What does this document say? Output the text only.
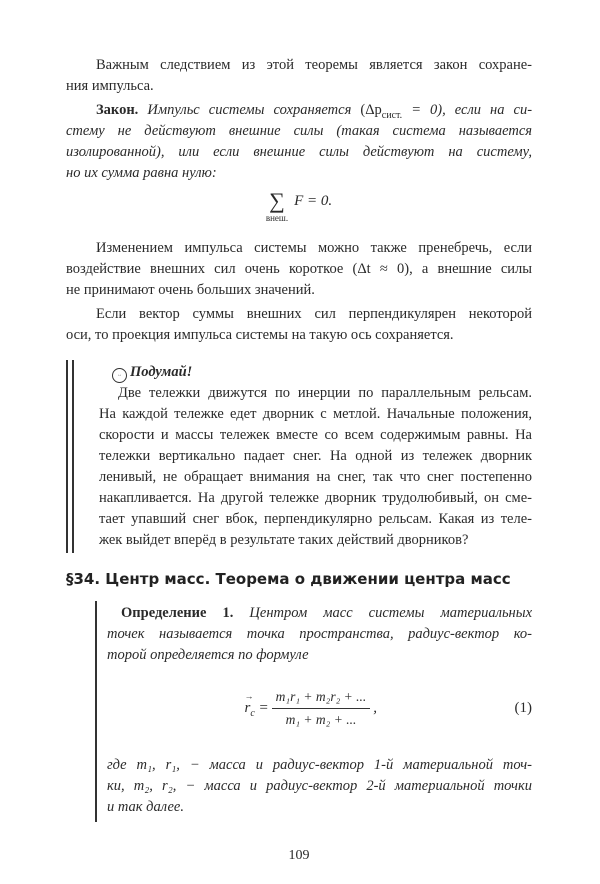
Важным следствием из этой теоремы является закон сохране-
ния импульса.
Закон. Импульс системы сохраняется $(\Delta p_{сист.} = 0)$, если на си-
стему не действуют внешние силы (такая система называется
изолированной), или если внешние силы действуют на систему,
но их сумма равна нулю:
∑
внеш.
F = 0.
Изменением импульса системы можно также пренебречь, если
воздействие внешних сил очень короткое (Δt ≈ 0), а внешние силы
не принимают очень больших значений.
Если вектор суммы внешних сил перпендикулярен некоторой
оси, то проекция импульса системы на такую ось сохраняется.
ᵕ Подумай!
Две тележки движутся по инерции по параллельным рельсам.
На каждой тележке едет дворник с метлой. Начальные положения,
скорости и массы тележек вместе со всем содержимым равны. На
тележки вертикально падает снег. На одной из тележек дворник
ленивый, не обращает внимания на снег, так что снег постепенно
накапливается. На другой тележке дворник трудолюбивый, он сме-
тает упавший снег вбок, перпендикулярно рельсам. Какая из теле-
жек выйдет вперёд в результате таких действий дворников?
§34. Центр масс. Теорема о движении центра масс
Определение 1. Центром масс системы материальных
точек называется точка пространства, радиус-вектор ко-
торой определяется по формуле
→ $r_c = \frac{\text{m₁r₁ + m₂r₂ + ...}}{\text{m₁ + m₂ + ...}}$ ,	(1)
где m₁, r₁, − масса и радиус-вектор 1-й материальной точ-
ки, m₂, r₂, − масса и радиус-вектор 2-й материальной точки
и так далее.
109
